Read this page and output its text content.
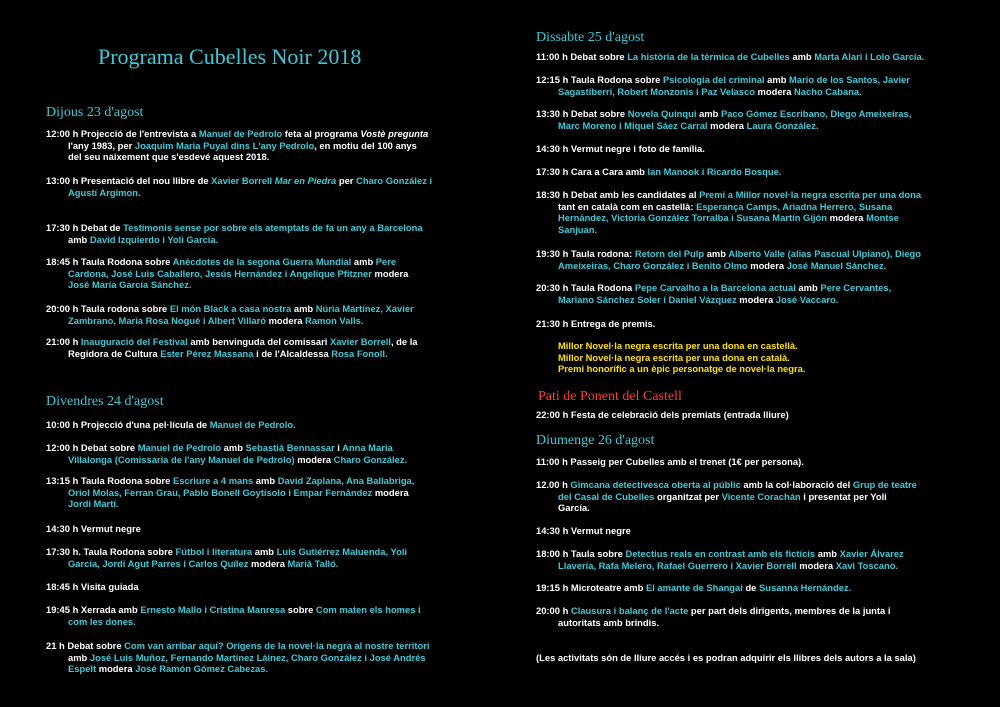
Programa Cubelles Noir 2018
Dijous 23 d'agost
12:00 h Projecció de l'entrevista a Manuel de Pedrolo feta al programa Vostè pregunta
l'any 1983, per Joaquim Maria Puyal dins L'any Pedrolo, en motiu del 100 anys
del seu naixement que s'esdevé aquest 2018.
13:00 h Presentació del nou llibre de Xavier Borrell Mar en Piedra per Charo González i
Agustí Argimon.
17:30 h Debat de Testimonis sense por sobre els atemptats de fa un any a Barcelona
amb David Izquierdo i Yoli García.
18:45 h Taula Rodona sobre Anècdotes de la segona Guerra Mundial amb Pere
Cardona, José Luis Caballero, Jesús Hernández i Angelique Pfitzner modera
José María García Sánchez.
20:00 h Taula rodona sobre El món Black a casa nostra amb Núria Martínez, Xavier
Zambrano, Maria Rosa Nogué i Albert Villaró modera Ramon Valls.
21:00 h Inauguració del Festival amb benvinguda del comissari Xavier Borrell, de la
Regidora de Cultura Ester Pérez Massana i de l'Alcaldessa Rosa Fonoll.
Divendres 24 d'agost
10:00 h Projecció d'una pel·lícula de Manuel de Pedrolo.
12:00 h Debat sobre Manuel de Pedrolo amb Sebastià Bennassar i Anna Maria
Villalonga (Comissaria de l'any Manuel de Pedrolo) modera Charo González.
13:15 h Taula Rodona sobre Escriure a 4 mans amb David Zaplana, Ana Ballabriga,
Oriol Molas, Ferran Grau, Pablo Bonell Goytisolo i Empar Fernández modera
Jordi Martí.
14:30 h Vermut negre
17:30 h. Taula Rodona sobre Fútbol i literatura amb Luis Gutiérrez Maluenda, Yoli
García, Jordi Agut Parres i Carlos Quílez modera Marià Talló.
18:45 h Visita guiada
19:45 h Xerrada amb Ernesto Mallo i Cristina Manresa sobre Com maten els homes i
com les dones.
21 h Debat sobre Com van arribar aquí? Orígens de la novel·la negra al nostre territori
amb José Luis Muñoz, Fernando Martínez Láinez, Charo González i José Andrés
Espelt modera José Ramón Gómez Cabezas.
Dissabte 25 d'agost
11:00 h Debat sobre La història de la tèrmica de Cubelles amb Marta Alari i Lolo García.
12:15 h Taula Rodona sobre Psicologia del criminal amb Mario de los Santos, Javier
Sagastiberri, Robert Monzonis i Paz Velasco modera Nacho Cabana.
13:30 h Debat sobre Novela Quinqui amb Paco Gómez Escribano, Diego Ameixeiras,
Marc Moreno i Miquel Sáez Carral modera Laura González.
14:30 h Vermut negre i foto de família.
17:30 h Cara a Cara amb Ian Manook i Ricardo Bosque.
18:30 h Debat amb les candidates al Premi a Millor novel·la negra escrita per una dona
tant en català com en castellà: Esperança Camps, Ariadna Herrero, Susana
Hernández, Victoria González Torralba i Susana Martín Gijón modera Montse
Sanjuan.
19:30 h Taula rodona: Retorn del Pulp amb Alberto Valle (alias Pascual Ulpiano), Diego
Ameixeiras, Charo González i Benito Olmo modera José Manuel Sánchez.
20:30 h Taula Rodona Pepe Carvalho a la Barcelona actual amb Pere Cervantes,
Mariano Sánchez Soler i Daniel Vázquez modera José Vaccaro.
21:30 h Entrega de premis.
Millor Novel·la negra escrita per una dona en castellà.
Millor Novel·la negra escrita per una dona en català.
Premi honorífic a un èpic personatge de novel·la negra.
Pati de Ponent del Castell
22:00 h Festa de celebració dels premiats (entrada lliure)
Diumenge 26 d'agost
11:00 h Passeig per Cubelles amb el trenet (1€ per persona).
12.00 h Gimcana detectivesca oberta al públic amb la col·laboració del Grup de teatre
del Casal de Cubelles organitzat per Vicente Corachán i presentat per Yoli
García.
14:30 h Vermut negre
18:00 h Taula sobre Detectius reals en contrast amb els fictícis amb Xavier Álvarez
Llaveria, Rafa Melero, Rafael Guerrero i Xavier Borrell modera Xavi Toscano.
19:15 h Microteatre amb El amante de Shangai de Susanna Hernández.
20:00 h Clausura i balanç de l'acte per part dels dirigents, membres de la junta i
autoritats amb brindis.
(Les activitats són de lliure accés i es podran adquirir els llibres dels autors a la sala)
